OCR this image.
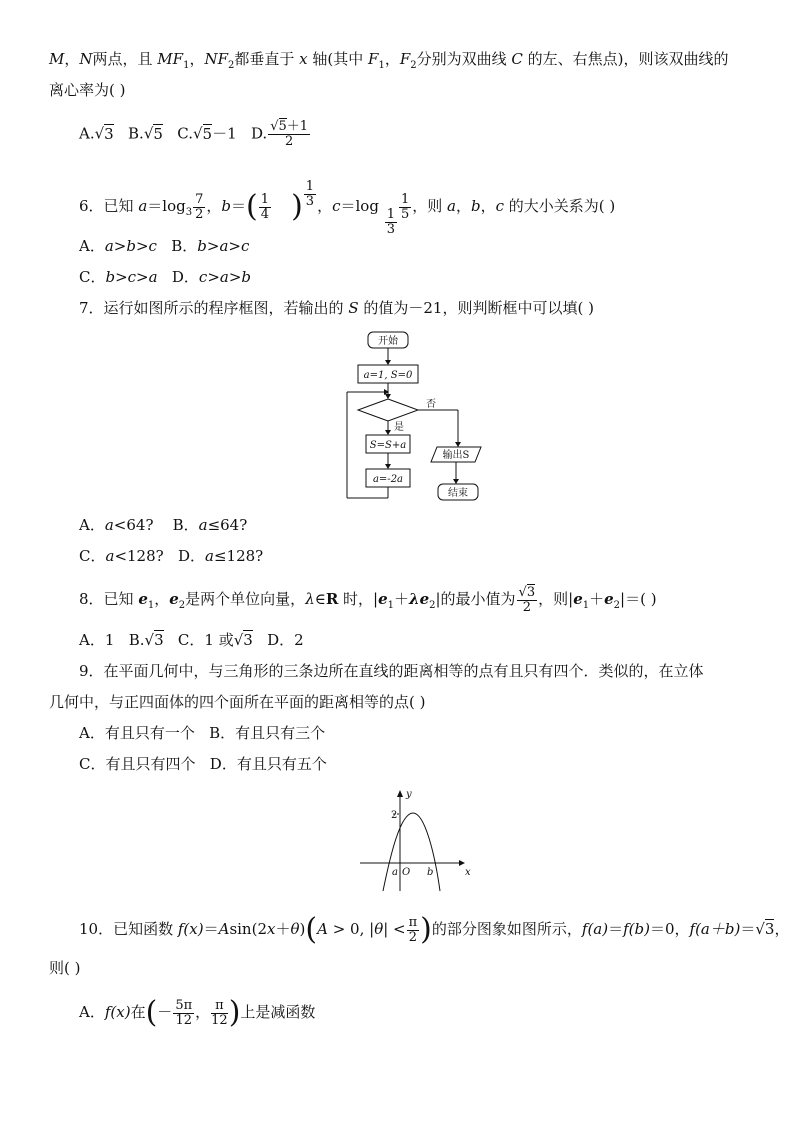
M，N两点，且 $MF_1$，$NF_2$都垂直于 x 轴(其中 $F_1$，$F_2$分别为双曲线 C 的左、右焦点)，则该双曲线的
离心率为( )
A.√3 B.√5 C.√5－1 D. $\frac{√5+1}{2}$
6．已知 $a=\log_3 \frac{7}{2}$ ，$b=( \frac{1}{4}$ ) $^{\frac{1}{3}}$ ，c＝log
$_{\frac{1}{3}}$
$\frac{1}{5}$ ，则 a，b，c 的大小关系为( )
A．a>b>c B．b>a>c
C．b>c>a D．c>a>b
7．运行如图所示的程序框图，若输出的 S 的值为－21，则判断框中可以填( )
开始
a=1, S=0
否
是
S=S+a
a=-2a
输出S
结束
A．a<64? B．a≤64?
C．a<128? D．a≤128?
8．已知 $e_1$，$e_2$是两个单位向量，λ∈R 时，$|e_1+\lambda e_2|$的最小值为 $\frac{√3}{2}$ ，则$|e_1+e_2|=$( )
A．1 B.√3 C．1 或√3 D．2
9．在平面几何中，与三角形的三条边所在直线的距离相等的点有且只有四个．类似的，在立体
几何中，与正四面体的四个面所在平面的距离相等的点( )
A．有且只有一个 B．有且只有三个
C．有且只有四个 D．有且只有五个
y
x
2
a O b
10．已知函数 f(x)＝Asin(2x＋θ)(A > 0, $|\theta| < \frac{\pi}{2}$ )的部分图象如图所示，f(a)＝f(b)＝0，f(a＋b)＝√3，
则( )
A．f(x)在(－ $\frac{5\pi}{12}$ ， $\frac{\pi}{12}$ )上是减函数
